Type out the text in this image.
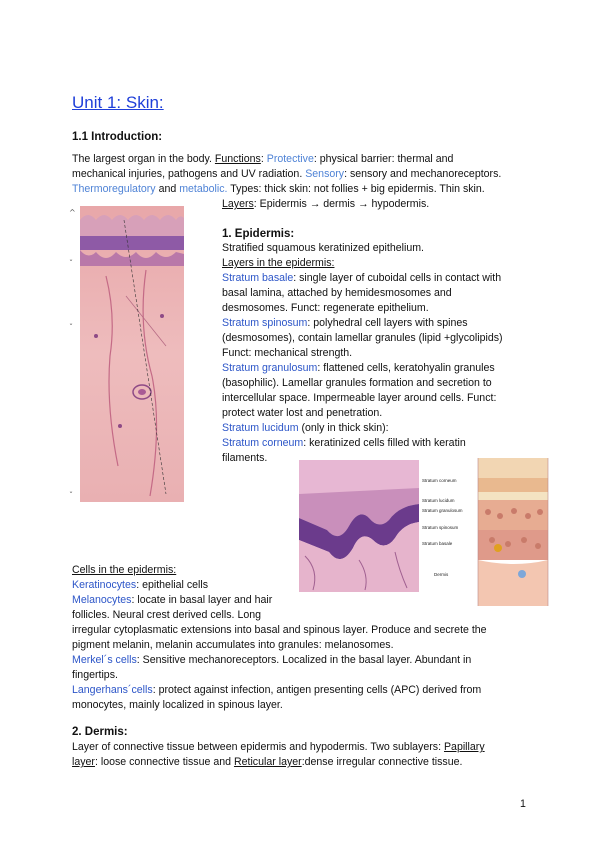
Unit 1: Skin:
1.1 Introduction:
The largest organ in the body. Functions: Protective: physical barrier: thermal and
mechanical injuries, pathogens and UV radiation. Sensory: sensory and mechanoreceptors.
Thermoregulatory and metabolic. Types: thick skin: not follies + big epidermis. Thin skin.
Layers: Epidermis → dermis → hypodermis.
^
ˇ
ˇ
ˇ
1. Epidermis:
Stratified squamous keratinized epithelium.
Layers in the epidermis:
Stratum basale: single layer of cuboidal cells in contact with
basal lamina, attached by hemidesmosomes and
desmosomes. Funct: regenerate epithelium.
Stratum spinosum: polyhedral cell layers with spines
(desmosomes), contain lamellar granules (lipid +glycolipids)
Funct: mechanical strength.
Stratum granulosum: flattened cells, keratohyalin granules
(basophilic). Lamellar granules formation and secretion to
intercellular space. Impermeable layer around cells. Funct:
protect water lost and penetration.
Stratum lucidum (only in thick skin):
Stratum corneum: keratinized cells filled with keratin
filaments.
Stratum corneum
Stratum lucidum
Stratum granulosum
Stratum spinosum
Stratum basale
Dermis
Cells in the epidermis:
Keratinocytes: epithelial cells
Melanocytes: locate in basal layer and hair
follicles. Neural crest derived cells. Long
irregular cytoplasmatic extensions into basal and spinous layer. Produce and secrete the
pigment melanin, melanin accumulates into granules: melanosomes.
Merkel´s cells: Sensitive mechanoreceptors. Localized in the basal layer. Abundant in
fingertips.
Langerhans´cells: protect against infection, antigen presenting cells (APC) derived from
monocytes, mainly localized in spinous layer.
2. Dermis:
Layer of connective tissue between epidermis and hypodermis. Two sublayers: Papillary
layer: loose connective tissue and Reticular layer:dense irregular connective tissue.
1
